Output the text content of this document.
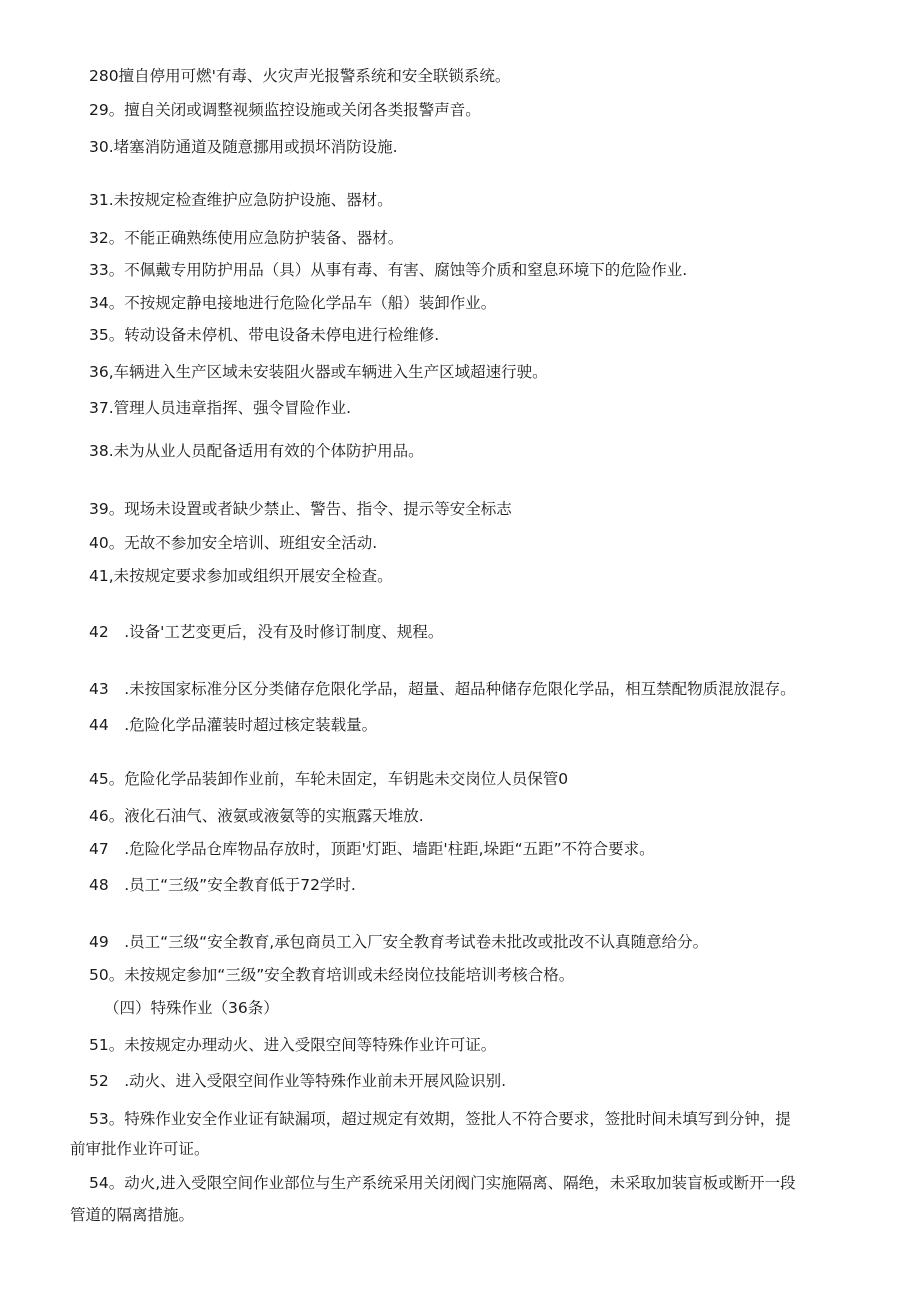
280擅自停用可燃'有毒、火灾声光报警系统和安全联锁系统。
29。擅自关闭或调整视频监控设施或关闭各类报警声音。
30.堵塞消防通道及随意挪用或损坏消防设施.
31.未按规定检查维护应急防护设施、器材。
32。不能正确熟练使用应急防护装备、器材。
33。不佩戴专用防护用品（具）从事有毒、有害、腐蚀等介质和窒息环境下的危险作业.
34。不按规定静电接地进行危险化学品车（船）装卸作业。
35。转动设备未停机、带电设备未停电进行检维修.
36,车辆进入生产区域未安装阻火器或车辆进入生产区域超速行驶。
37.管理人员违章指挥、强令冒险作业.
38.未为从业人员配备适用有效的个体防护用品。
39。现场未设置或者缺少禁止、警告、指令、提示等安全标志
40。无故不参加安全培训、班组安全活动.
41,未按规定要求参加或组织开展安全检查。
42　.设备'工艺变更后，没有及时修订制度、规程。
43　.未按国家标准分区分类储存危限化学品，超量、超品种储存危限化学品，相互禁配物质混放混存。
44　.危险化学品灌装时超过核定装载量。
45。危险化学品装卸作业前，车轮未固定，车钥匙未交岗位人员保管0
46。液化石油气、液氨或液氨等的实瓶露天堆放.
47　.危险化学品仓库物品存放时，顶距'灯距、墙距'柱距,垛距“五距”不符合要求。
48　.员工“三级”安全教育低于72学时.
49　.员工“三级“安全教育,承包商员工入厂安全教育考试卷未批改或批改不认真随意给分。
50。未按规定参加“三级”安全教育培训或未经岗位技能培训考核合格。
（四）特殊作业（36条）
51。未按规定办理动火、进入受限空间等特殊作业许可证。
52　.动火、进入受限空间作业等特殊作业前未开展风险识别.
53。特殊作业安全作业证有缺漏项，超过规定有效期，签批人不符合要求，签批时间未填写到分钟，提
前审批作业许可证。
54。动火,进入受限空间作业部位与生产系统采用关闭阀门实施隔离、隔绝，未采取加装盲板或断开一段
管道的隔离措施。
